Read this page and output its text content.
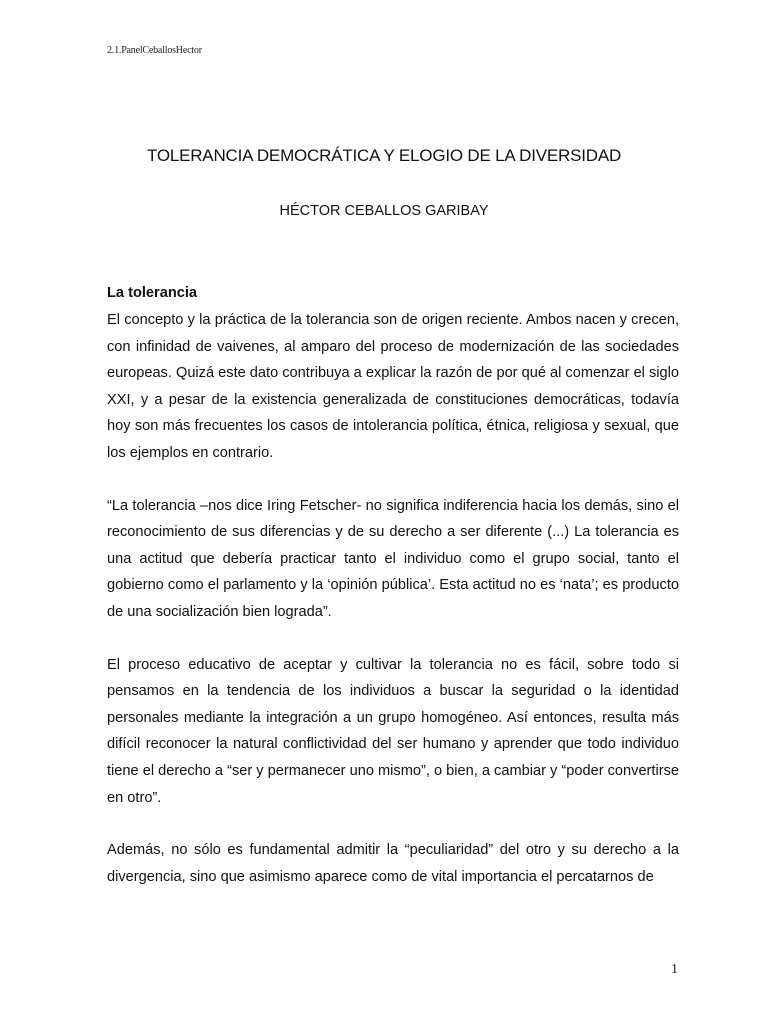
2.1.PanelCeballosHector
TOLERANCIA DEMOCRÁTICA Y ELOGIO DE LA DIVERSIDAD
HÉCTOR CEBALLOS GARIBAY
La tolerancia

El concepto y la práctica de la tolerancia son de origen reciente. Ambos nacen y crecen, con infinidad de vaivenes, al amparo del proceso de modernización de las sociedades europeas. Quizá este dato contribuya a explicar la razón de por qué al comenzar el siglo XXI, y a pesar de la existencia generalizada de constituciones democráticas, todavía hoy son más frecuentes los casos de intolerancia política, étnica, religiosa y sexual, que los ejemplos en contrario.

“La tolerancia –nos dice Iring Fetscher- no significa indiferencia hacia los demás, sino el reconocimiento de sus diferencias y de su derecho a ser diferente (...) La tolerancia es una actitud que debería practicar tanto el individuo como el grupo social, tanto el gobierno como el parlamento y la ‘opinión pública’. Esta actitud no es ‘nata’; es producto de una socialización bien lograda”.

El proceso educativo de aceptar y cultivar la tolerancia no es fácil, sobre todo si pensamos en la tendencia de los individuos a buscar la seguridad o la identidad personales mediante la integración a un grupo homogéneo. Así entonces, resulta más difícil reconocer la natural conflictividad del ser humano y aprender que todo individuo tiene el derecho a “ser y permanecer uno mismo”, o bien, a cambiar y “poder convertirse en otro”.

Además, no sólo es fundamental admitir la “peculiaridad” del otro y su derecho a la divergencia, sino que asimismo aparece como de vital importancia el percatarnos de

1
